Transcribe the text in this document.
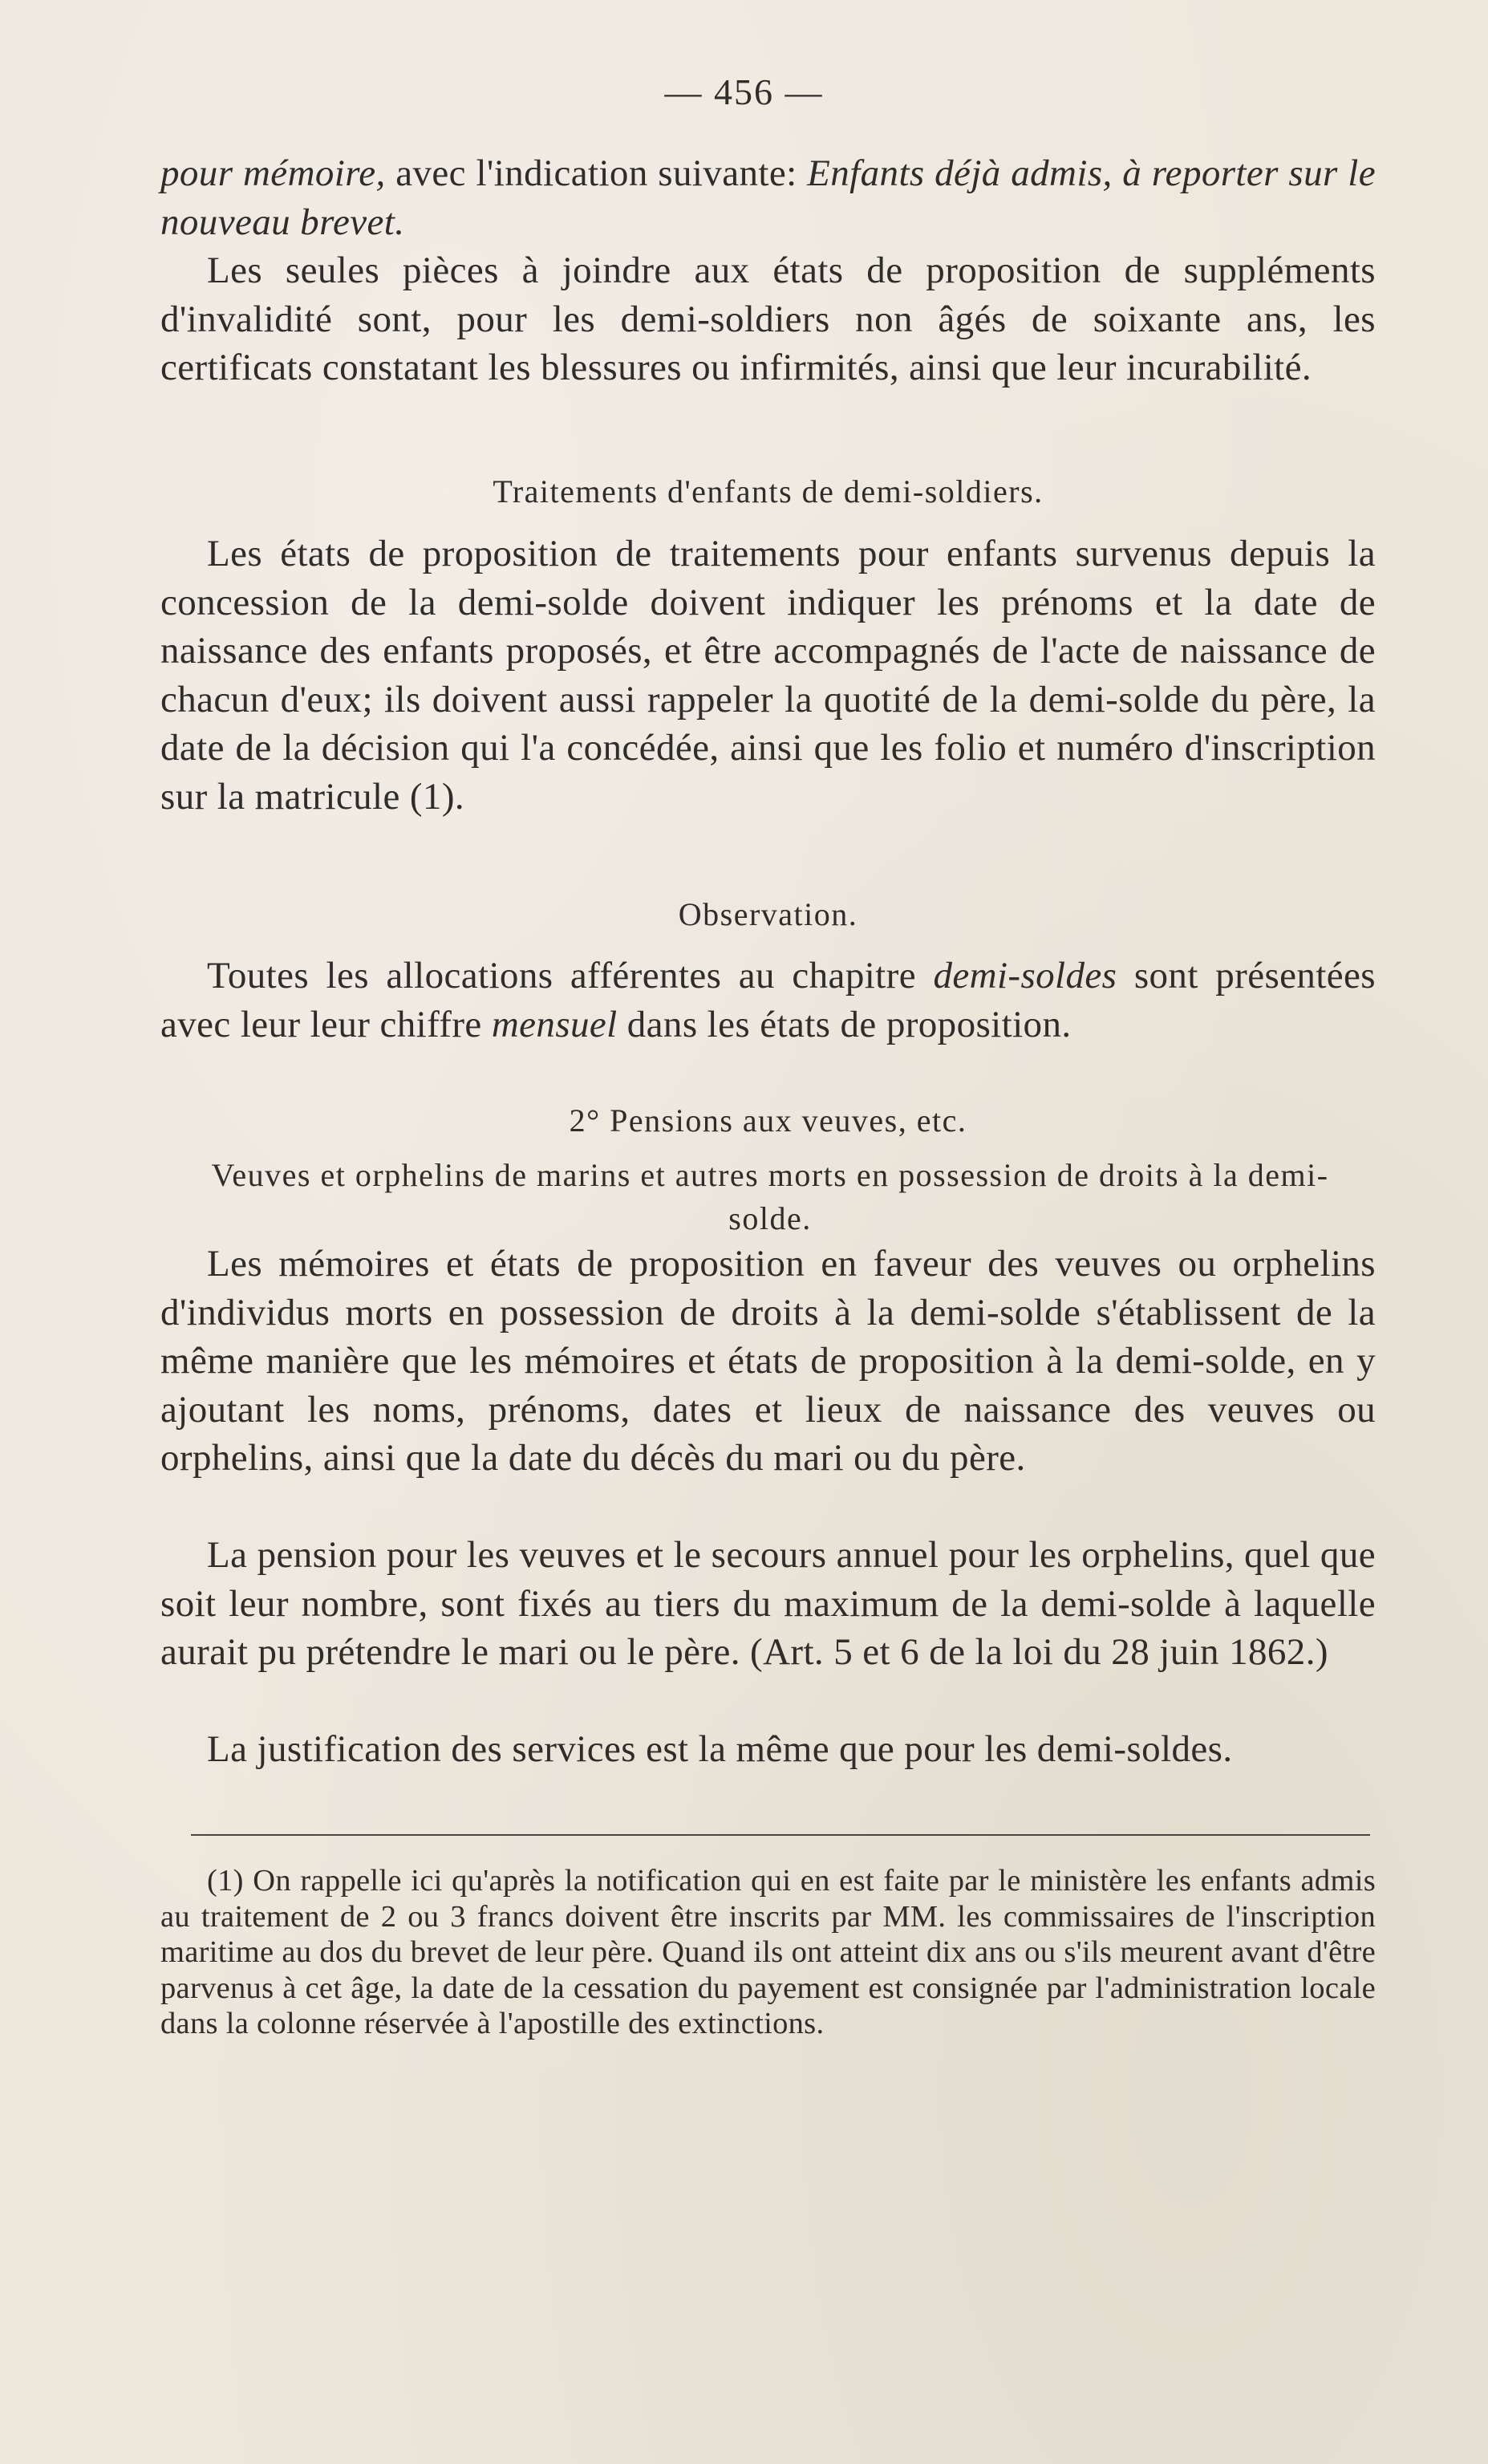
— 456 —

pour mémoire, avec l'indication suivante: Enfants déjà admis, à reporter sur le nouveau brevet.

Les seules pièces à joindre aux états de proposition de suppléments d'invalidité sont, pour les demi-soldiers non âgés de soixante ans, les certificats constatant les blessures ou infirmités, ainsi que leur incurabilité.

Traitements d'enfants de demi-soldiers.

Les états de proposition de traitements pour enfants survenus depuis la concession de la demi-solde doivent indiquer les prénoms et la date de naissance des enfants proposés, et être accompagnés de l'acte de naissance de chacun d'eux; ils doivent aussi rappeler la quotité de la demi-solde du père, la date de la décision qui l'a concédée, ainsi que les folio et numéro d'inscription sur la matricule (1).

Observation.

Toutes les allocations afférentes au chapitre demi-soldes sont présentées avec leur leur chiffre mensuel dans les états de proposition.

2° Pensions aux veuves, etc.

Veuves et orphelins de marins et autres morts en possession de droits à la demi-solde.

Les mémoires et états de proposition en faveur des veuves ou orphelins d'individus morts en possession de droits à la demi-solde s'établissent de la même manière que les mémoires et états de proposition à la demi-solde, en y ajoutant les noms, prénoms, dates et lieux de naissance des veuves ou orphelins, ainsi que la date du décès du mari ou du père.

La pension pour les veuves et le secours annuel pour les orphelins, quel que soit leur nombre, sont fixés au tiers du maximum de la demi-solde à laquelle aurait pu prétendre le mari ou le père. (Art. 5 et 6 de la loi du 28 juin 1862.)

La justification des services est la même que pour les demi-soldes.

(1) On rappelle ici qu'après la notification qui en est faite par le ministère les enfants admis au traitement de 2 ou 3 francs doivent être inscrits par MM. les commissaires de l'inscription maritime au dos du brevet de leur père. Quand ils ont atteint dix ans ou s'ils meurent avant d'être parvenus à cet âge, la date de la cessation du payement est consignée par l'administration locale dans la colonne réservée à l'apostille des extinctions.
